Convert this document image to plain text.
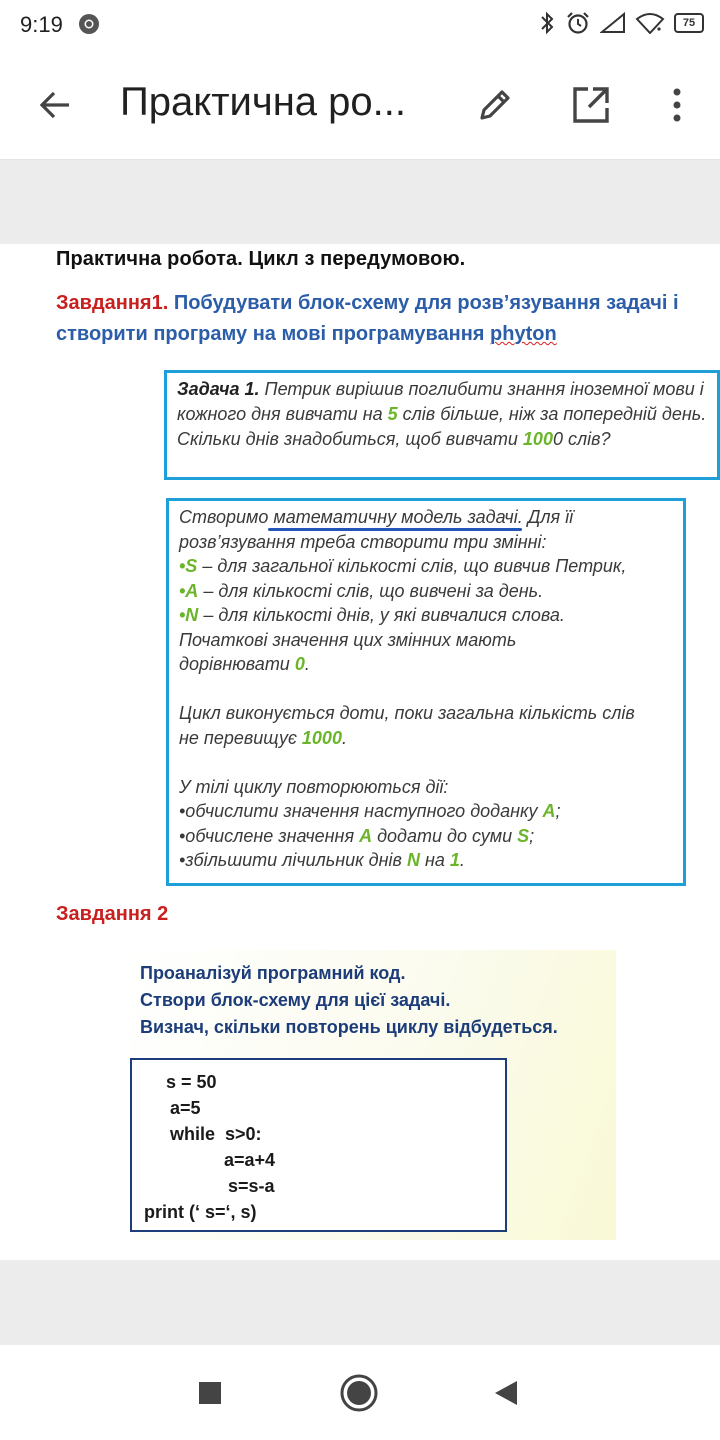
9:19	75
Практична ро...
Практична робота. Цикл з передумовою.
Завдання1. Побудувати блок-схему для розв’язування задачі і створити програму на мові програмування phyton
Задача 1. Петрик вирішив поглибити знання іноземної мови і кожного дня вивчати на 5 слів більше, ніж за попередній день. Скільки днів знадобиться, щоб вивчати 1000 слів?
Створимо математичну модель задачі. Для її
розв’язування треба створити три змінні:
•S – для загальної кількості слів, що вивчив Петрик,
•A – для кількості слів, що вивчені за день.
•N – для кількості днів, у які вивчалися слова.
Початкові значення цих змінних мають
дорівнювати 0.
Цикл виконується доти, поки загальна кількість слів
не перевищує 1000.
У тілі циклу повторюються дії:
•обчислити значення наступного доданку A;
•обчислене значення A додати до суми S;
•збільшити лічильник днів N на 1.
Завдання 2
Проаналізуй програмний код.
Створи блок-схему для цієї задачі.
Визнач, скільки повторень циклу відбудеться.
s = 50
a=5
while  s>0:
a=a+4
s=s-a
print (‘ s=‘, s)
